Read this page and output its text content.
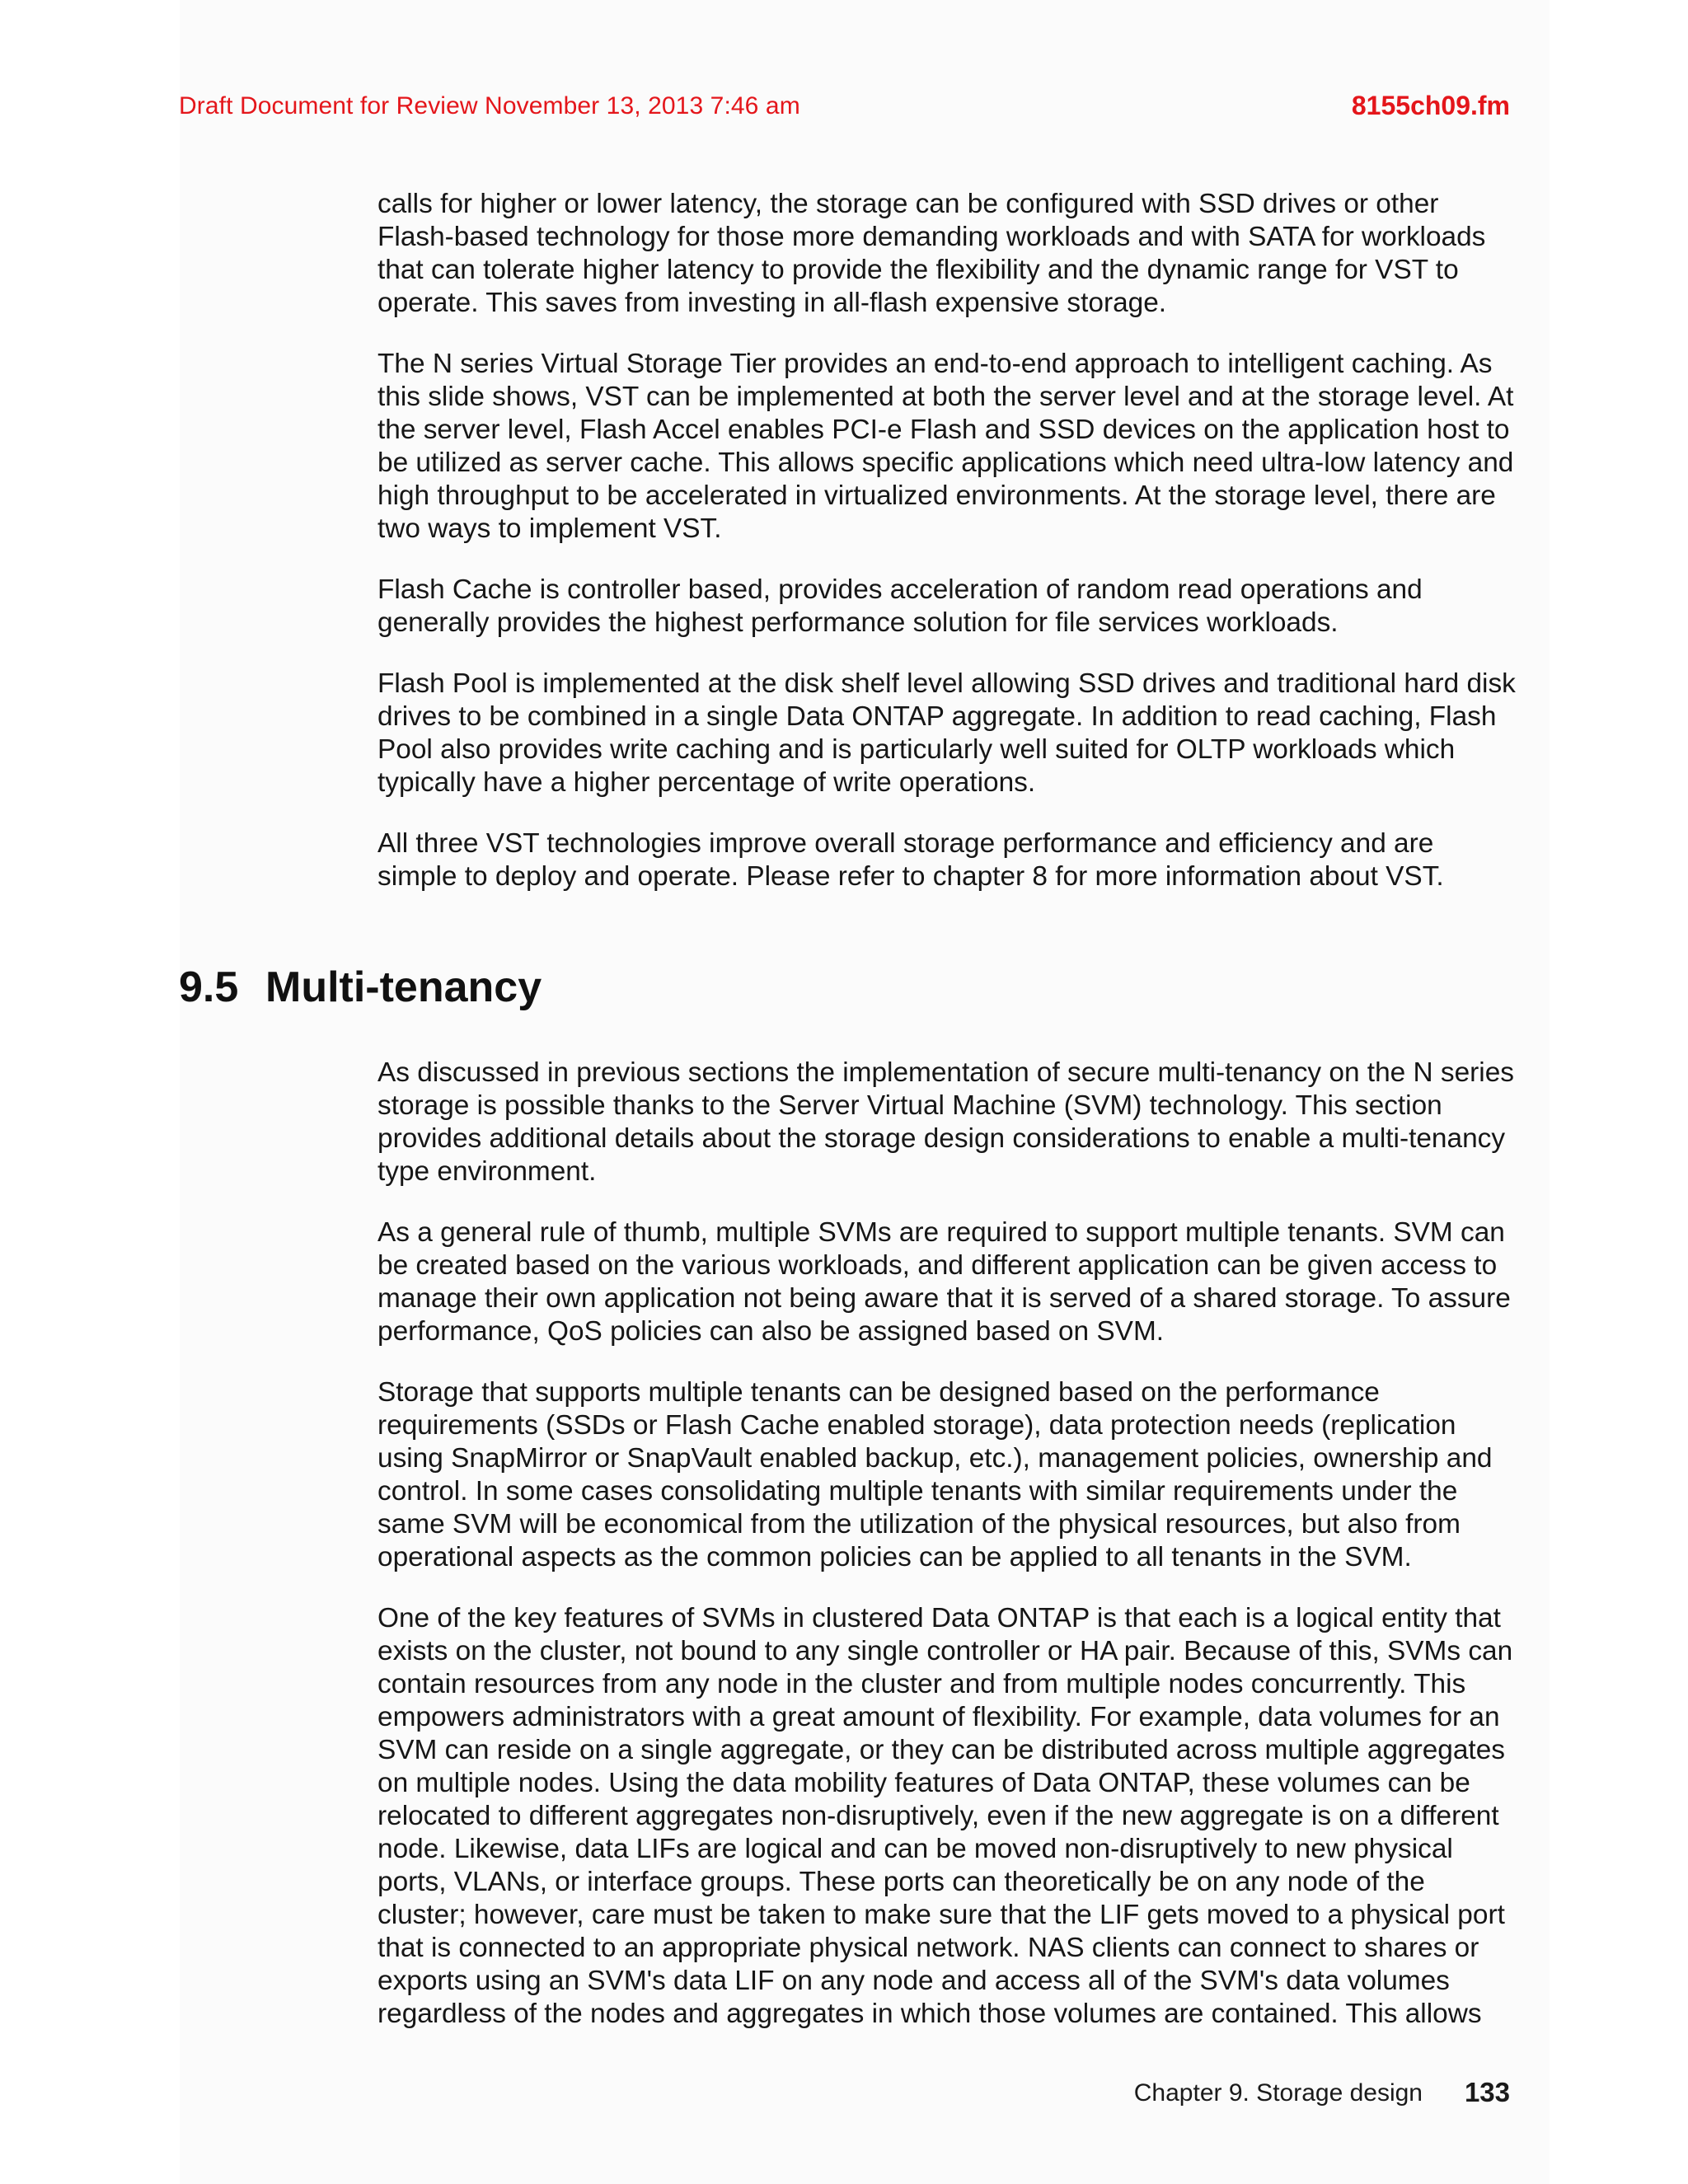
Draft Document for Review November 13, 2013 7:46 am	8155ch09.fm

calls for higher or lower latency, the storage can be configured with SSD drives or other Flash-based technology for those more demanding workloads and with SATA for workloads that can tolerate higher latency to provide the flexibility and the dynamic range for VST to operate. This saves from investing in all-flash expensive storage.

The N series Virtual Storage Tier provides an end-to-end approach to intelligent caching. As this slide shows, VST can be implemented at both the server level and at the storage level. At the server level, Flash Accel enables PCI-e Flash and SSD devices on the application host to be utilized as server cache. This allows specific applications which need ultra-low latency and high throughput to be accelerated in virtualized environments. At the storage level, there are two ways to implement VST.

Flash Cache is controller based, provides acceleration of random read operations and generally provides the highest performance solution for file services workloads.

Flash Pool is implemented at the disk shelf level allowing SSD drives and traditional hard disk drives to be combined in a single Data ONTAP aggregate. In addition to read caching, Flash Pool also provides write caching and is particularly well suited for OLTP workloads which typically have a higher percentage of write operations.

All three VST technologies improve overall storage performance and efficiency and are simple to deploy and operate. Please refer to chapter 8 for more information about VST.

9.5 Multi-tenancy

As discussed in previous sections the implementation of secure multi-tenancy on the N series storage is possible thanks to the Server Virtual Machine (SVM) technology. This section provides additional details about the storage design considerations to enable a multi-tenancy type environment.

As a general rule of thumb, multiple SVMs are required to support multiple tenants. SVM can be created based on the various workloads, and different application can be given access to manage their own application not being aware that it is served of a shared storage. To assure performance, QoS policies can also be assigned based on SVM.

Storage that supports multiple tenants can be designed based on the performance requirements (SSDs or Flash Cache enabled storage), data protection needs (replication using SnapMirror or SnapVault enabled backup, etc.), management policies, ownership and control. In some cases consolidating multiple tenants with similar requirements under the same SVM will be economical from the utilization of the physical resources, but also from operational aspects as the common policies can be applied to all tenants in the SVM.

One of the key features of SVMs in clustered Data ONTAP is that each is a logical entity that exists on the cluster, not bound to any single controller or HA pair. Because of this, SVMs can contain resources from any node in the cluster and from multiple nodes concurrently. This empowers administrators with a great amount of flexibility. For example, data volumes for an SVM can reside on a single aggregate, or they can be distributed across multiple aggregates on multiple nodes. Using the data mobility features of Data ONTAP, these volumes can be relocated to different aggregates non-disruptively, even if the new aggregate is on a different node. Likewise, data LIFs are logical and can be moved non-disruptively to new physical ports, VLANs, or interface groups. These ports can theoretically be on any node of the cluster; however, care must be taken to make sure that the LIF gets moved to a physical port that is connected to an appropriate physical network. NAS clients can connect to shares or exports using an SVM's data LIF on any node and access all of the SVM's data volumes regardless of the nodes and aggregates in which those volumes are contained. This allows

Chapter 9. Storage design 133
